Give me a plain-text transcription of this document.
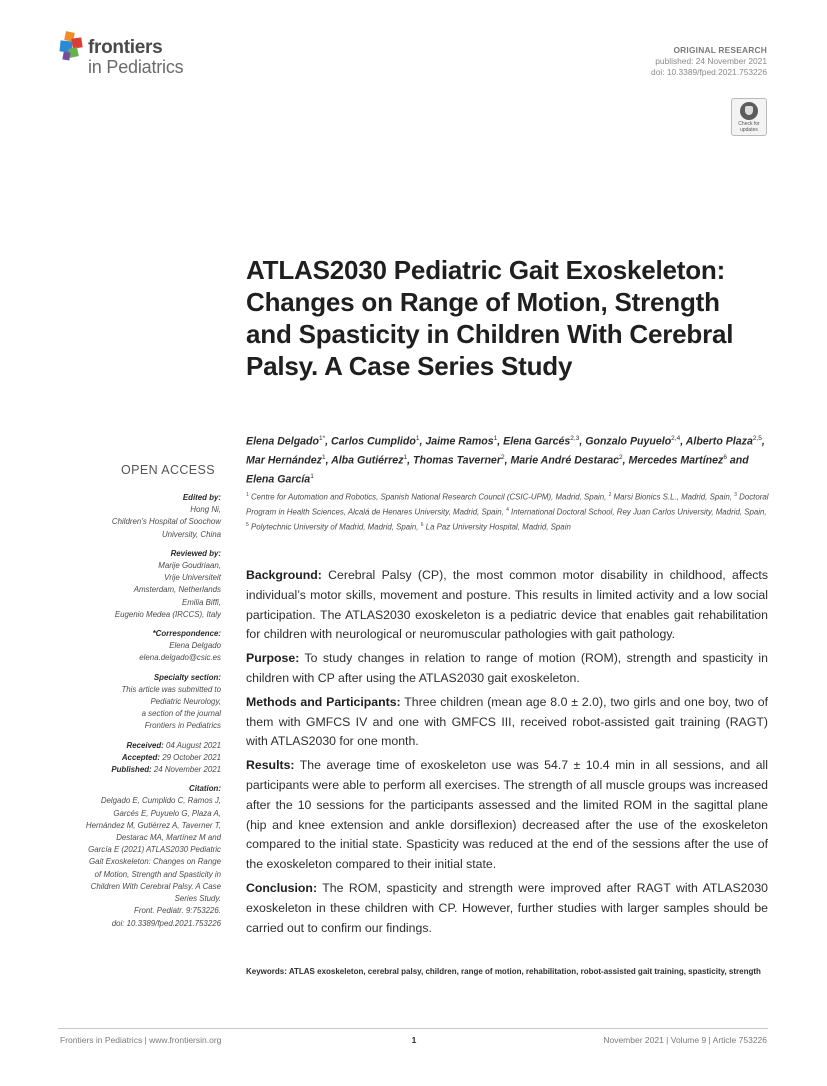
frontiers
in Pediatrics
ORIGINAL RESEARCH
published: 24 November 2021
doi: 10.3389/fped.2021.753226
Check for
updates
ATLAS2030 Pediatric Gait Exoskeleton: Changes on Range of Motion, Strength and Spasticity in Children With Cerebral Palsy. A Case Series Study
Elena Delgado$^{1*}$, Carlos Cumplido$^1$, Jaime Ramos$^1$, Elena Garcés$^{2,3}$, Gonzalo Puyuelo$^{2,4}$, Alberto Plaza$^{2,5}$, Mar Hernández$^1$, Alba Gutiérrez$^1$, Thomas Taverner$^2$, Marie André Destarac$^2$, Mercedes Martínez$^6$ and Elena García$^1$
$^1$ Centre for Automation and Robotics, Spanish National Research Council (CSIC-UPM), Madrid, Spain, $^2$ Marsi Bionics S.L., Madrid, Spain, $^3$ Doctoral Program in Health Sciences, Alcalá de Henares University, Madrid, Spain, $^4$ International Doctoral School, Rey Juan Carlos University, Madrid, Spain, $^5$ Polytechnic University of Madrid, Madrid, Spain, $^6$ La Paz University Hospital, Madrid, Spain
OPEN ACCESS
Edited by:
Hong Ni,
Children’s Hospital of Soochow
University, China
Reviewed by:
Marije Goudriaan,
Vrije Universiteit
Amsterdam, Netherlands
Emilia Biffi,
Eugenio Medea (IRCCS), Italy
*Correspondence:
Elena Delgado
elena.delgado@csic.es
Specialty section:
This article was submitted to
Pediatric Neurology,
a section of the journal
Frontiers in Pediatrics
Received: 04 August 2021
Accepted: 29 October 2021
Published: 24 November 2021
Citation:
Delgado E, Cumplido C, Ramos J,
Garcés E, Puyuelo G, Plaza A,
Hernández M, Gutiérrez A, Taverner T,
Destarac MA, Martínez M and
García E (2021) ATLAS2030 Pediatric
Gait Exoskeleton: Changes on Range
of Motion, Strength and Spasticity in
Children With Cerebral Palsy. A Case
Series Study.
Front. Pediatr. 9:753226.
doi: 10.3389/fped.2021.753226

Background: Cerebral Palsy (CP), the most common motor disability in childhood, affects individual’s motor skills, movement and posture. This results in limited activity and a low social participation. The ATLAS2030 exoskeleton is a pediatric device that enables gait rehabilitation for children with neurological or neuromuscular pathologies with gait pathology.

Purpose: To study changes in relation to range of motion (ROM), strength and spasticity in children with CP after using the ATLAS2030 gait exoskeleton.

Methods and Participants: Three children (mean age 8.0 ± 2.0), two girls and one boy, two of them with GMFCS IV and one with GMFCS III, received robot-assisted gait training (RAGT) with ATLAS2030 for one month.

Results: The average time of exoskeleton use was 54.7 ± 10.4 min in all sessions, and all participants were able to perform all exercises. The strength of all muscle groups was increased after the 10 sessions for the participants assessed and the limited ROM in the sagittal plane (hip and knee extension and ankle dorsiflexion) decreased after the use of the exoskeleton compared to the initial state. Spasticity was reduced at the end of the sessions after the use of the exoskeleton compared to their initial state.

Conclusion: The ROM, spasticity and strength were improved after RAGT with ATLAS2030 exoskeleton in these children with CP. However, further studies with larger samples should be carried out to confirm our findings.

Keywords: ATLAS exoskeleton, cerebral palsy, children, range of motion, rehabilitation, robot-assisted gait training, spasticity, strength
Frontiers in Pediatrics | www.frontiersin.org	1	November 2021 | Volume 9 | Article 753226
